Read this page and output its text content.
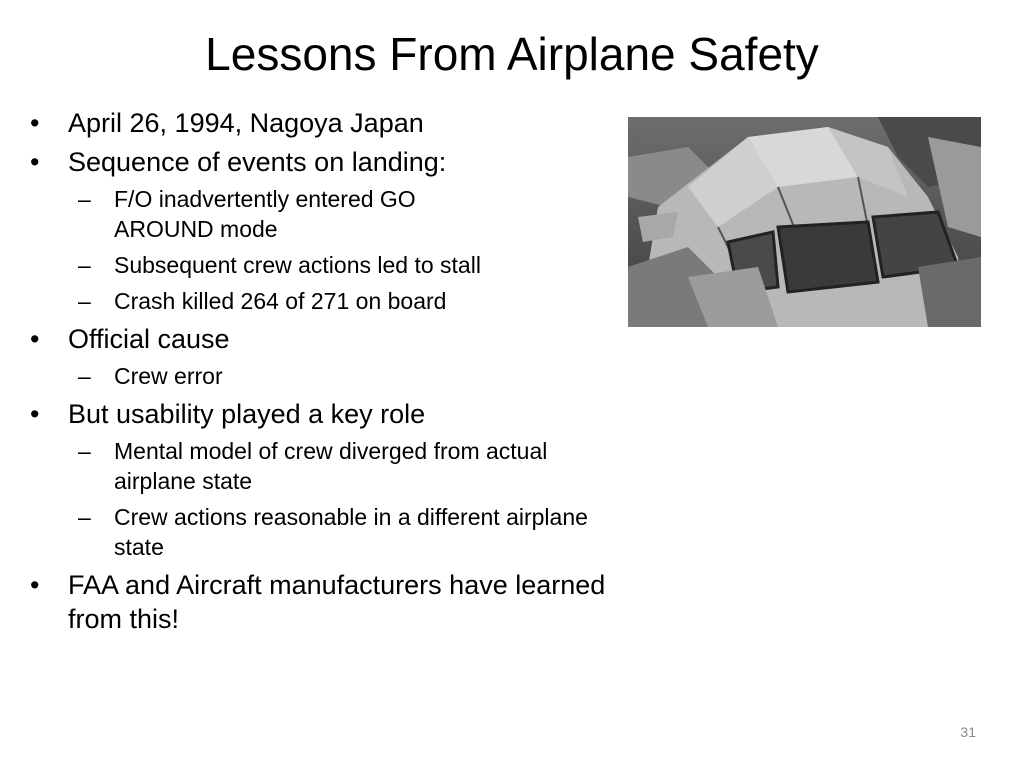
Lessons From Airplane Safety
• April 26, 1994, Nagoya Japan
• Sequence of events on landing:
– F/O inadvertently entered GO AROUND mode
– Subsequent crew actions led to stall
– Crash killed 264 of 271 on board
• Official cause
– Crew error
• But usability played a key role
– Mental model of crew diverged from actual airplane state
– Crew actions reasonable in a different airplane state
• FAA and Aircraft manufacturers have learned from this!
31
